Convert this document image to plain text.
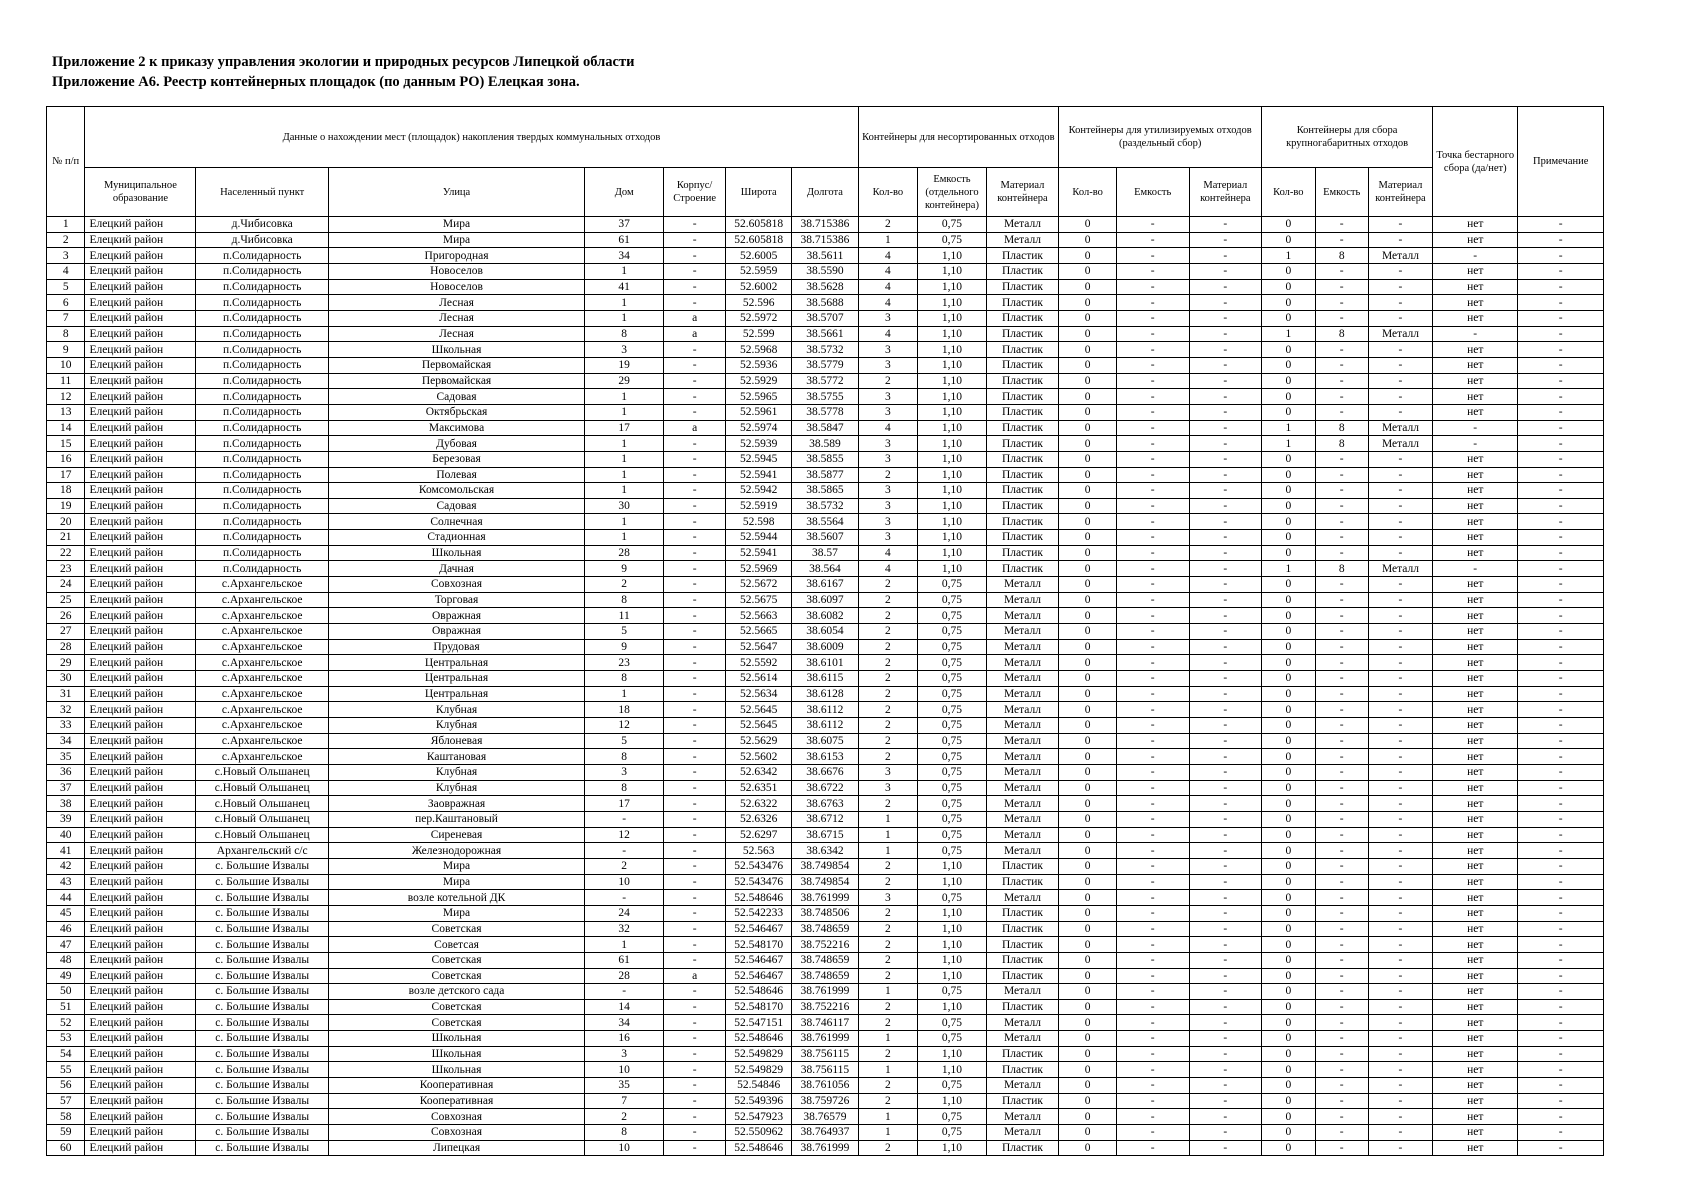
Приложение 2 к приказу управления экологии и природных ресурсов Липецкой области
Приложение А6. Реестр контейнерных площадок (по данным РО) Елецкая зона.
№ п/п	Данные о нахождении мест (площадок) накопления твердых коммунальных отходов							Контейнеры для несортированных отходов			Контейнеры для утилизируемых отходов (раздельный сбор)			Контейнеры для сбора крупногабаритных отходов			Точка бестарного сбора (да/нет)	Примечание
	Муниципальное образование	Населенный пункт	Улица	Дом	Корпус/ Строение	Широта	Долгота	Кол-во	Емкость (отдельного контейнера)	Материал контейнера	Кол-во	Емкость	Материал контейнера	Кол-во	Емкость	Материал контейнера		
1	Елецкий район	д.Чибисовка	Мира	37	-	52.605818	38.715386	2	0,75	Металл	0	-	-	0	-	-	нет	-
2	Елецкий район	д.Чибисовка	Мира	61	-	52.605818	38.715386	1	0,75	Металл	0	-	-	0	-	-	нет	-
3	Елецкий район	п.Солидарность	Пригородная	34	-	52.6005	38.5611	4	1,10	Пластик	0	-	-	1	8	Металл	-	-
4	Елецкий район	п.Солидарность	Новоселов	1	-	52.5959	38.5590	4	1,10	Пластик	0	-	-	0	-	-	нет	-
5	Елецкий район	п.Солидарность	Новоселов	41	-	52.6002	38.5628	4	1,10	Пластик	0	-	-	0	-	-	нет	-
6	Елецкий район	п.Солидарность	Лесная	1	-	52.596	38.5688	4	1,10	Пластик	0	-	-	0	-	-	нет	-
7	Елецкий район	п.Солидарность	Лесная	1	а	52.5972	38.5707	3	1,10	Пластик	0	-	-	0	-	-	нет	-
8	Елецкий район	п.Солидарность	Лесная	8	а	52.599	38.5661	4	1,10	Пластик	0	-	-	1	8	Металл	-	-
9	Елецкий район	п.Солидарность	Школьная	3	-	52.5968	38.5732	3	1,10	Пластик	0	-	-	0	-	-	нет	-
10	Елецкий район	п.Солидарность	Первомайская	19	-	52.5936	38.5779	3	1,10	Пластик	0	-	-	0	-	-	нет	-
11	Елецкий район	п.Солидарность	Первомайская	29	-	52.5929	38.5772	2	1,10	Пластик	0	-	-	0	-	-	нет	-
12	Елецкий район	п.Солидарность	Садовая	1	-	52.5965	38.5755	3	1,10	Пластик	0	-	-	0	-	-	нет	-
13	Елецкий район	п.Солидарность	Октябрьская	1	-	52.5961	38.5778	3	1,10	Пластик	0	-	-	0	-	-	нет	-
14	Елецкий район	п.Солидарность	Максимова	17	а	52.5974	38.5847	4	1,10	Пластик	0	-	-	1	8	Металл	-	-
15	Елецкий район	п.Солидарность	Дубовая	1	-	52.5939	38.589	3	1,10	Пластик	0	-	-	1	8	Металл	-	-
16	Елецкий район	п.Солидарность	Березовая	1	-	52.5945	38.5855	3	1,10	Пластик	0	-	-	0	-	-	нет	-
17	Елецкий район	п.Солидарность	Полевая	1	-	52.5941	38.5877	2	1,10	Пластик	0	-	-	0	-	-	нет	-
18	Елецкий район	п.Солидарность	Комсомольская	1	-	52.5942	38.5865	3	1,10	Пластик	0	-	-	0	-	-	нет	-
19	Елецкий район	п.Солидарность	Садовая	30	-	52.5919	38.5732	3	1,10	Пластик	0	-	-	0	-	-	нет	-
20	Елецкий район	п.Солидарность	Солнечная	1	-	52.598	38.5564	3	1,10	Пластик	0	-	-	0	-	-	нет	-
21	Елецкий район	п.Солидарность	Стадионная	1	-	52.5944	38.5607	3	1,10	Пластик	0	-	-	0	-	-	нет	-
22	Елецкий район	п.Солидарность	Школьная	28	-	52.5941	38.57	4	1,10	Пластик	0	-	-	0	-	-	нет	-
23	Елецкий район	п.Солидарность	Дачная	9	-	52.5969	38.564	4	1,10	Пластик	0	-	-	1	8	Металл	-	-
24	Елецкий район	с.Архангельское	Совхозная	2	-	52.5672	38.6167	2	0,75	Металл	0	-	-	0	-	-	нет	-
25	Елецкий район	с.Архангельское	Торговая	8	-	52.5675	38.6097	2	0,75	Металл	0	-	-	0	-	-	нет	-
26	Елецкий район	с.Архангельское	Овражная	11	-	52.5663	38.6082	2	0,75	Металл	0	-	-	0	-	-	нет	-
27	Елецкий район	с.Архангельское	Овражная	5	-	52.5665	38.6054	2	0,75	Металл	0	-	-	0	-	-	нет	-
28	Елецкий район	с.Архангельское	Прудовая	9	-	52.5647	38.6009	2	0,75	Металл	0	-	-	0	-	-	нет	-
29	Елецкий район	с.Архангельское	Центральная	23	-	52.5592	38.6101	2	0,75	Металл	0	-	-	0	-	-	нет	-
30	Елецкий район	с.Архангельское	Центральная	8	-	52.5614	38.6115	2	0,75	Металл	0	-	-	0	-	-	нет	-
31	Елецкий район	с.Архангельское	Центральная	1	-	52.5634	38.6128	2	0,75	Металл	0	-	-	0	-	-	нет	-
32	Елецкий район	с.Архангельское	Клубная	18	-	52.5645	38.6112	2	0,75	Металл	0	-	-	0	-	-	нет	-
33	Елецкий район	с.Архангельское	Клубная	12	-	52.5645	38.6112	2	0,75	Металл	0	-	-	0	-	-	нет	-
34	Елецкий район	с.Архангельское	Яблоневая	5	-	52.5629	38.6075	2	0,75	Металл	0	-	-	0	-	-	нет	-
35	Елецкий район	с.Архангельское	Каштановая	8	-	52.5602	38.6153	2	0,75	Металл	0	-	-	0	-	-	нет	-
36	Елецкий район	с.Новый Ольшанец	Клубная	3	-	52.6342	38.6676	3	0,75	Металл	0	-	-	0	-	-	нет	-
37	Елецкий район	с.Новый Ольшанец	Клубная	8	-	52.6351	38.6722	3	0,75	Металл	0	-	-	0	-	-	нет	-
38	Елецкий район	с.Новый Ольшанец	Заовражная	17	-	52.6322	38.6763	2	0,75	Металл	0	-	-	0	-	-	нет	-
39	Елецкий район	с.Новый Ольшанец	пер.Каштановый	-	-	52.6326	38.6712	1	0,75	Металл	0	-	-	0	-	-	нет	-
40	Елецкий район	с.Новый Ольшанец	Сиреневая	12	-	52.6297	38.6715	1	0,75	Металл	0	-	-	0	-	-	нет	-
41	Елецкий район	Архангельский с/с	Железнодорожная	-	-	52.563	38.6342	1	0,75	Металл	0	-	-	0	-	-	нет	-
42	Елецкий район	с. Большие Извалы	Мира	2	-	52.543476	38.749854	2	1,10	Пластик	0	-	-	0	-	-	нет	-
43	Елецкий район	с. Большие Извалы	Мира	10	-	52.543476	38.749854	2	1,10	Пластик	0	-	-	0	-	-	нет	-
44	Елецкий район	с. Большие Извалы	возле котельной ДК	-	-	52.548646	38.761999	3	0,75	Металл	0	-	-	0	-	-	нет	-
45	Елецкий район	с. Большие Извалы	Мира	24	-	52.542233	38.748506	2	1,10	Пластик	0	-	-	0	-	-	нет	-
46	Елецкий район	с. Большие Извалы	Советская	32	-	52.546467	38.748659	2	1,10	Пластик	0	-	-	0	-	-	нет	-
47	Елецкий район	с. Большие Извалы	Советсая	1	-	52.548170	38.752216	2	1,10	Пластик	0	-	-	0	-	-	нет	-
48	Елецкий район	с. Большие Извалы	Советская	61	-	52.546467	38.748659	2	1,10	Пластик	0	-	-	0	-	-	нет	-
49	Елецкий район	с. Большие Извалы	Советская	28	а	52.546467	38.748659	2	1,10	Пластик	0	-	-	0	-	-	нет	-
50	Елецкий район	с. Большие Извалы	возле детского сада	-	-	52.548646	38.761999	1	0,75	Металл	0	-	-	0	-	-	нет	-
51	Елецкий район	с. Большие Извалы	Советская	14	-	52.548170	38.752216	2	1,10	Пластик	0	-	-	0	-	-	нет	-
52	Елецкий район	с. Большие Извалы	Советская	34	-	52.547151	38.746117	2	0,75	Металл	0	-	-	0	-	-	нет	-
53	Елецкий район	с. Большие Извалы	Школьная	16	-	52.548646	38.761999	1	0,75	Металл	0	-	-	0	-	-	нет	-
54	Елецкий район	с. Большие Извалы	Школьная	3	-	52.549829	38.756115	2	1,10	Пластик	0	-	-	0	-	-	нет	-
55	Елецкий район	с. Большие Извалы	Школьная	10	-	52.549829	38.756115	1	1,10	Пластик	0	-	-	0	-	-	нет	-
56	Елецкий район	с. Большие Извалы	Кооперативная	35	-	52.54846	38.761056	2	0,75	Металл	0	-	-	0	-	-	нет	-
57	Елецкий район	с. Большие Извалы	Кооперативная	7	-	52.549396	38.759726	2	1,10	Пластик	0	-	-	0	-	-	нет	-
58	Елецкий район	с. Большие Извалы	Совхозная	2	-	52.547923	38.76579	1	0,75	Металл	0	-	-	0	-	-	нет	-
59	Елецкий район	с. Большие Извалы	Совхозная	8	-	52.550962	38.764937	1	0,75	Металл	0	-	-	0	-	-	нет	-
60	Елецкий район	с. Большие Извалы	Липецкая	10	-	52.548646	38.761999	2	1,10	Пластик	0	-	-	0	-	-	нет	-
